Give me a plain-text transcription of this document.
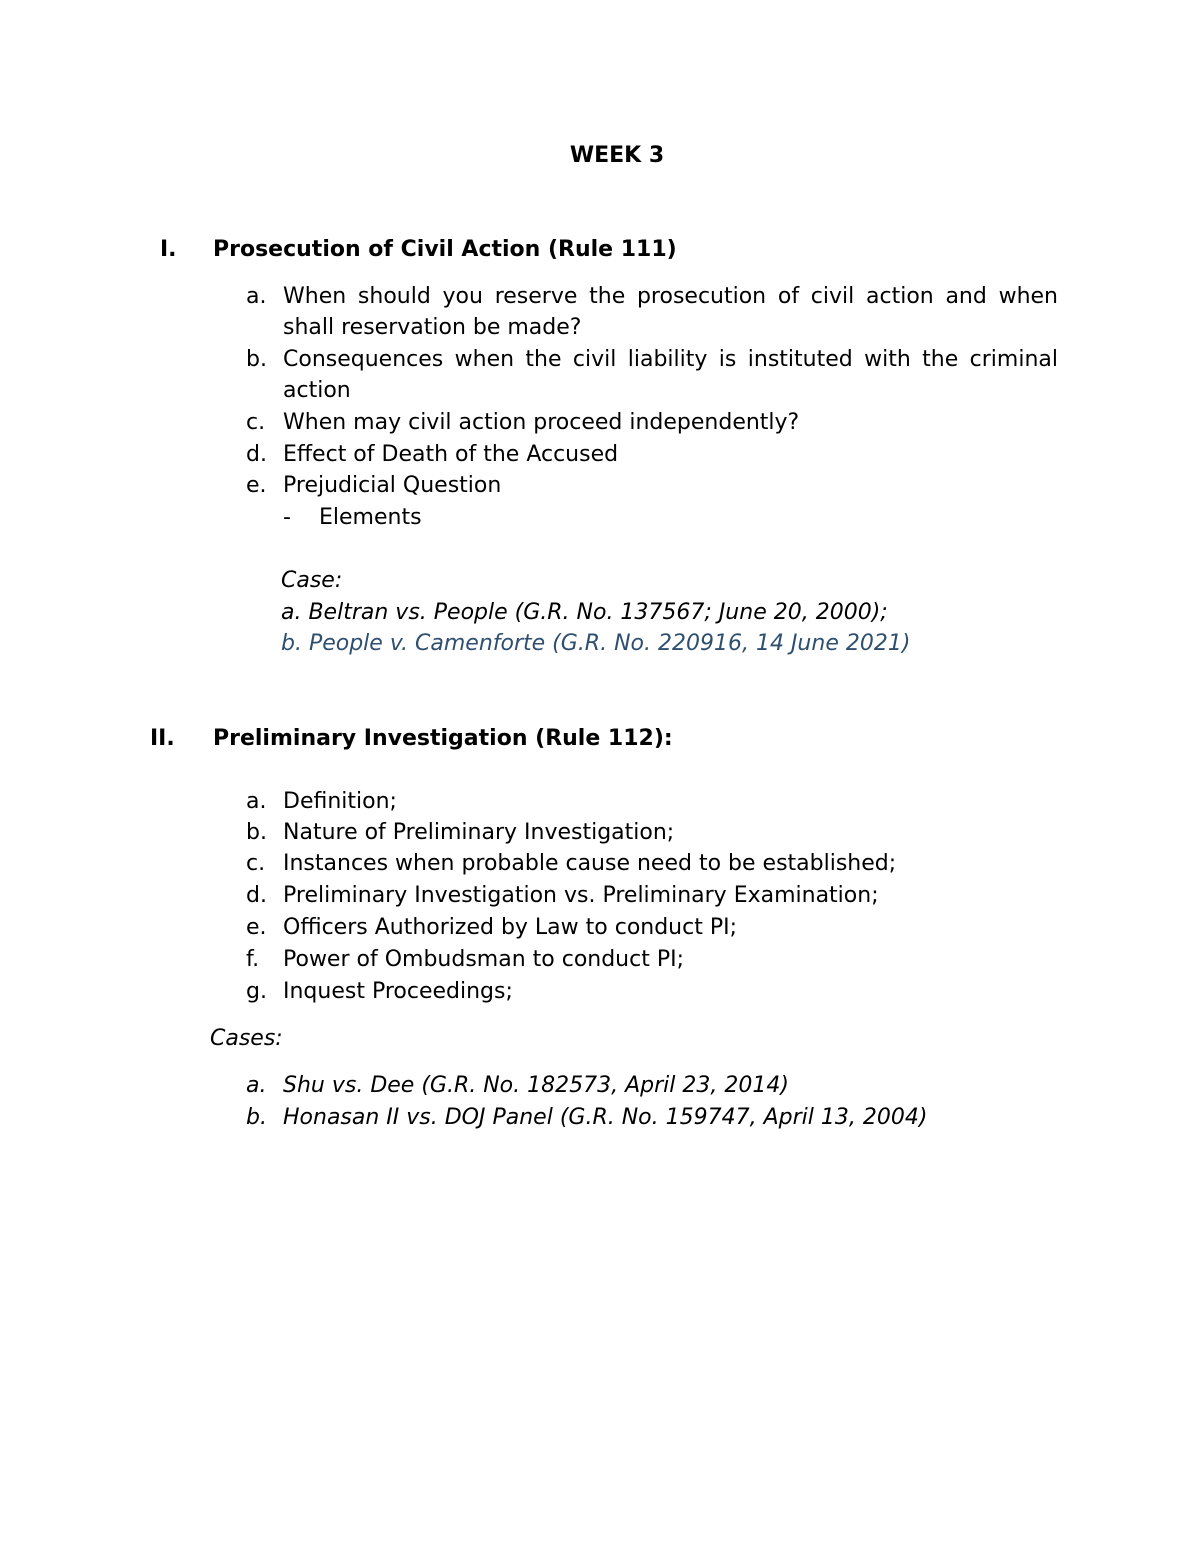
WEEK 3
I. Prosecution of Civil Action (Rule 111)
a. When should you reserve the prosecution of civil action and when shall reservation be made?
b. Consequences when the civil liability is instituted with the criminal action
c. When may civil action proceed independently?
d. Effect of Death of the Accused
e. Prejudicial Question
- Elements
Case:
a. Beltran vs. People (G.R. No. 137567; June 20, 2000);
b. People v. Camenforte (G.R. No. 220916, 14 June 2021)
II. Preliminary Investigation (Rule 112):
a. Definition;
b. Nature of Preliminary Investigation;
c. Instances when probable cause need to be established;
d. Preliminary Investigation vs. Preliminary Examination;
e. Officers Authorized by Law to conduct PI;
f. Power of Ombudsman to conduct PI;
g. Inquest Proceedings;
Cases:
a. Shu vs. Dee (G.R. No. 182573, April 23, 2014)
b. Honasan II vs. DOJ Panel (G.R. No. 159747, April 13, 2004)
